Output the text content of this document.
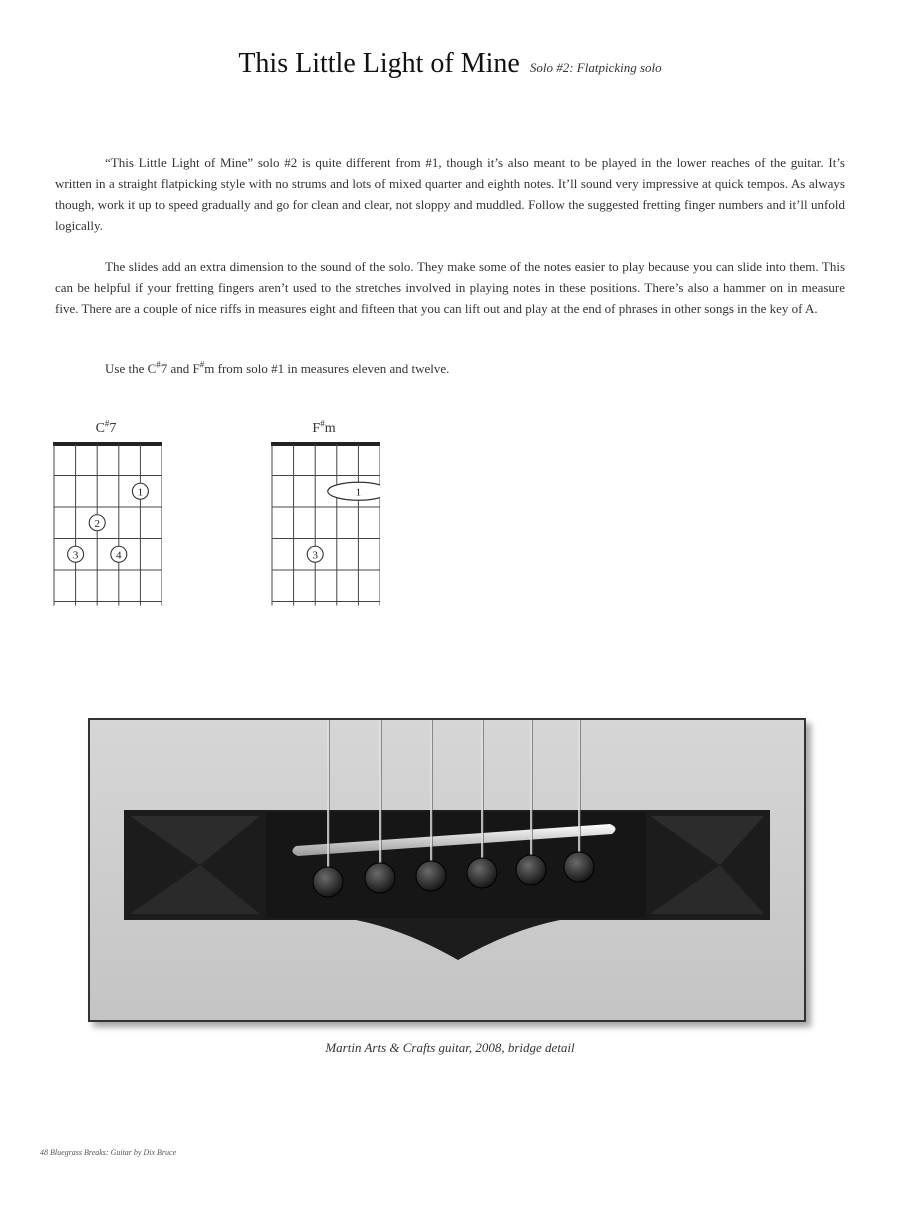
This Little Light of Mine Solo #2: Flatpicking solo

“This Little Light of Mine” solo #2 is quite different from #1, though it’s also meant to be played in the lower reaches of the guitar. It’s written in a straight flatpicking style with no strums and lots of mixed quarter and eighth notes. It’ll sound very impressive at quick tempos. As always though, work it up to speed gradually and go for clean and clear, not sloppy and muddled. Follow the suggested fretting finger numbers and it’ll unfold logically.

The slides add an extra dimension to the sound of the solo. They make some of the notes easier to play because you can slide into them. This can be helpful if your fretting fingers aren’t used to the stretches involved in playing notes in these positions. There’s also a hammer on in measure five. There are a couple of nice riffs in measures eight and fifteen that you can lift out and play at the end of phrases in other songs in the key of A.

Use the C#7 and F#m from solo #1 in measures eleven and twelve.

C#7
1
2
3	4
F#m
1
3
Martin Arts & Crafts guitar, 2008, bridge detail
48 Bluegrass Breaks: Guitar by Dix Bruce
